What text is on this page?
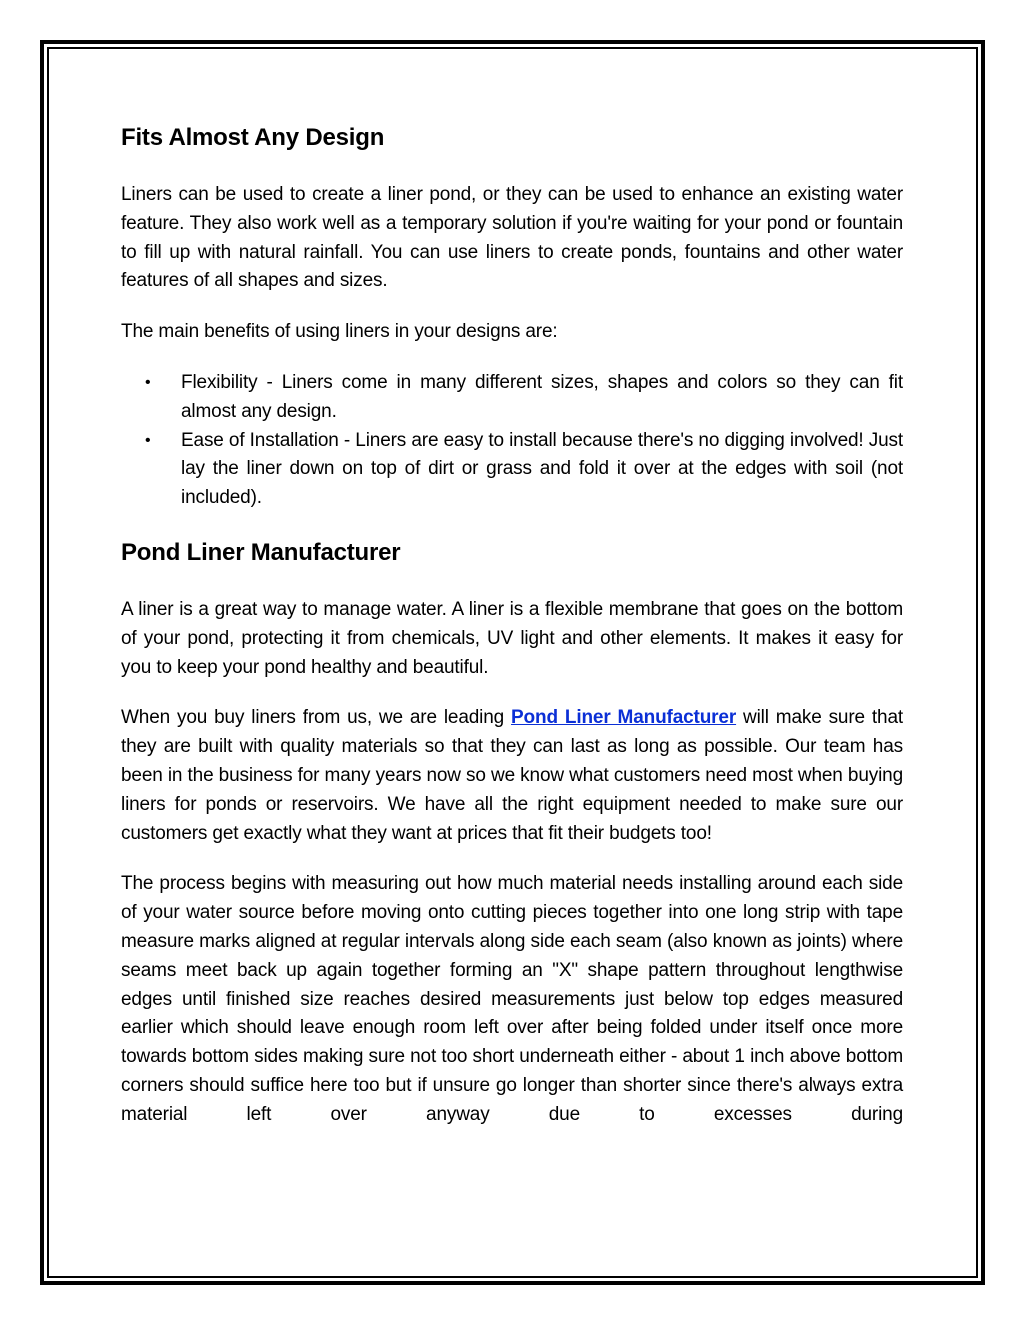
Fits Almost Any Design

Liners can be used to create a liner pond, or they can be used to enhance an existing water feature. They also work well as a temporary solution if you're waiting for your pond or fountain to fill up with natural rainfall. You can use liners to create ponds, fountains and other water features of all shapes and sizes.

The main benefits of using liners in your designs are:

• Flexibility - Liners come in many different sizes, shapes and colors so they can fit almost any design.
• Ease of Installation - Liners are easy to install because there's no digging involved! Just lay the liner down on top of dirt or grass and fold it over at the edges with soil (not included).
Pond Liner Manufacturer

A liner is a great way to manage water. A liner is a flexible membrane that goes on the bottom of your pond, protecting it from chemicals, UV light and other elements. It makes it easy for you to keep your pond healthy and beautiful.

When you buy liners from us, we are leading Pond Liner Manufacturer will make sure that they are built with quality materials so that they can last as long as possible. Our team has been in the business for many years now so we know what customers need most when buying liners for ponds or reservoirs. We have all the right equipment needed to make sure our customers get exactly what they want at prices that fit their budgets too!

The process begins with measuring out how much material needs installing around each side of your water source before moving onto cutting pieces together into one long strip with tape measure marks aligned at regular intervals along side each seam (also known as joints) where seams meet back up again together forming an "X" shape pattern throughout lengthwise edges until finished size reaches desired measurements just below top edges measured earlier which should leave enough room left over after being folded under itself once more towards bottom sides making sure not too short underneath either - about 1 inch above bottom corners should suffice here too but if unsure go longer than shorter since there's always extra material left over anyway due to excesses during
